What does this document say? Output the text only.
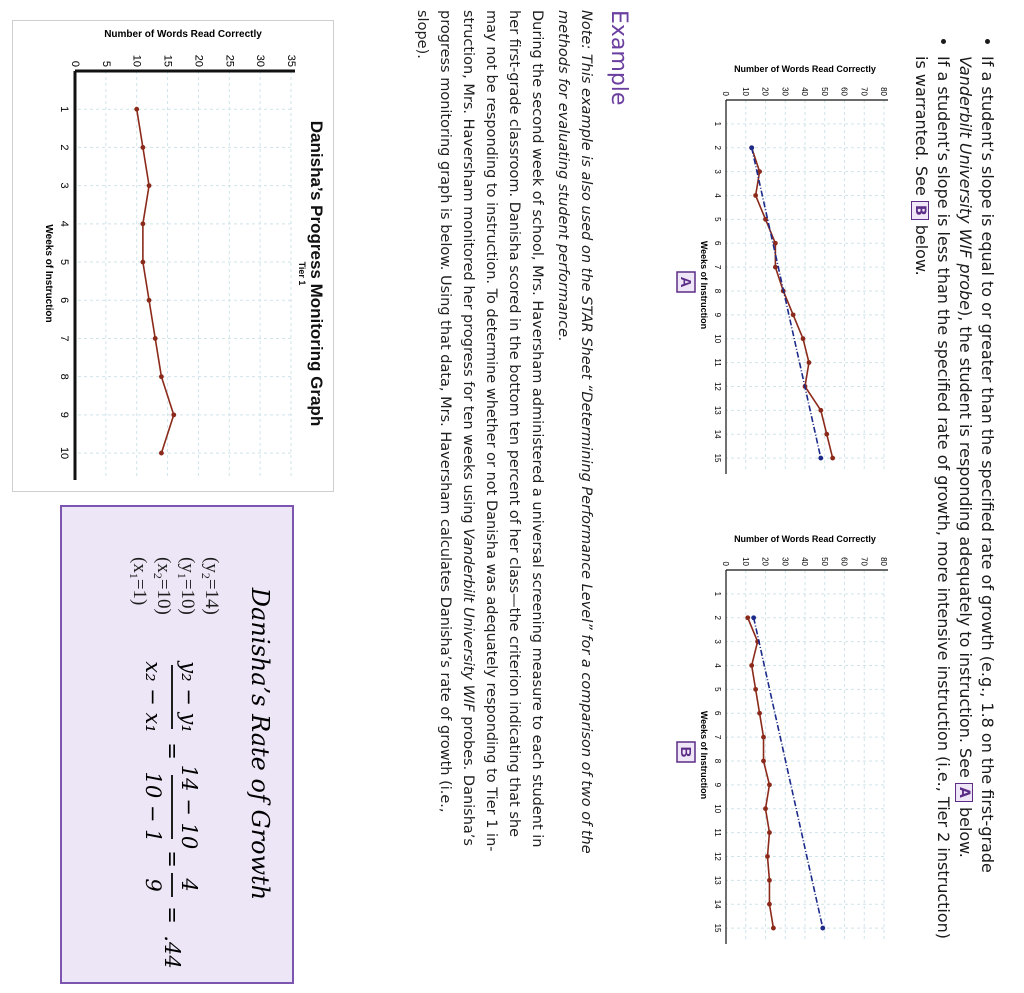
• If a student’s slope is equal to or greater than the specified rate of growth (e.g., 1.8 on the first-grade
Vanderbilt University WIF probe), the student is responding adequately to instruction. See A below.
• If a student’s slope is less than the specified rate of growth, more intensive instruction (i.e., Tier 2 instruction)
is warranted. See B below.
0 10 20 30 40 50 60 70 80
1
2
3
4
5
6
7
8
9
10
11
12
13
14
15
Number of Words Read Correctly
Weeks of Instruction
A
0 10 20 30 40 50 60 70 80
1
2
3
4
5
6
7
8
9
10
11
12
13
14
15
Number of Words Read Correctly
Weeks of Instruction
B
Example
Note: This example is also used on the STAR Sheet “Determining Performance Level” for a comparison of two of the
methods for evaluating student performance.
During the second week of school, Mrs. Haversham administered a universal screening measure to each student in
her first-grade classroom. Danisha scored in the bottom ten percent of her class—the criterion indicating that she
may not be responding to instruction. To determine whether or not Danisha was adequately responding to Tier 1 in-
struction, Mrs. Haversham monitored her progress for ten weeks using Vanderbilt University WIF probes. Danisha’s
progress monitoring graph is below. Using that data, Mrs. Haversham calculates Danisha’s rate of growth (i.e.,
slope).
0 5 10 15 20 25 30 35
1
2
3
4
5
6
7
8
9
10
Number of Words Read Correctly
Weeks of Instruction	Danisha’s Progress Monitoring Graph
Tier 1
Danisha’s Rate of Growth
$(y_2=14)$
$(y_1=10)$
$(x_2=10)$
$(x_1=1)$
y₂ − y₁
x₂ − x₁
=
14 − 10
10 − 1
=
4
9
=
.44
